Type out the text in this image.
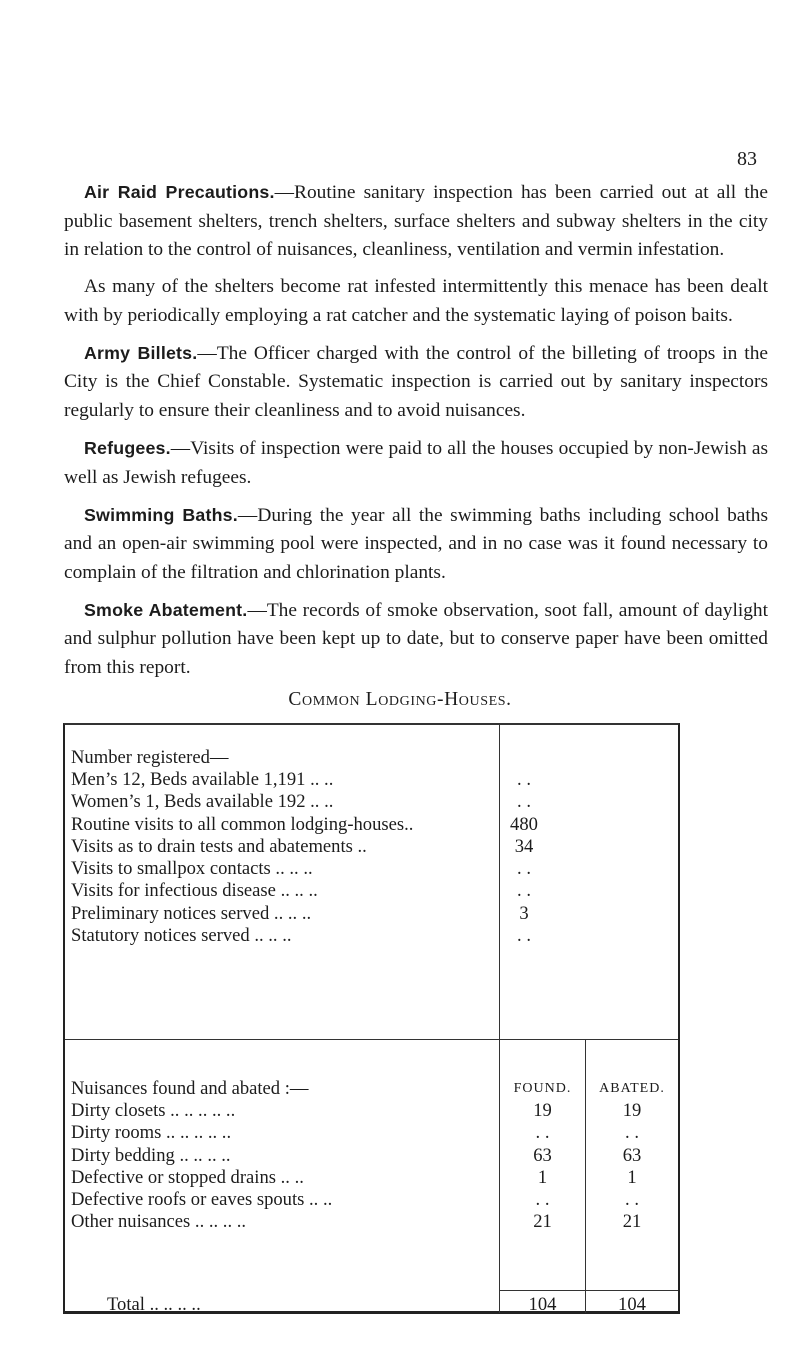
83

Air Raid Precautions.—Routine sanitary inspection has been carried out at all the public basement shelters, trench shelters, surface shelters and subway shelters in the city in relation to the control of nuisances, cleanliness, ventilation and vermin infestation.

As many of the shelters become rat infested intermittently this menace has been dealt with by periodically employing a rat catcher and the systematic laying of poison baits.

Army Billets.—The Officer charged with the control of the billeting of troops in the City is the Chief Constable. Systematic inspection is carried out by sanitary inspectors regularly to ensure their cleanliness and to avoid nuisances.

Refugees.—Visits of inspection were paid to all the houses occupied by non-Jewish as well as Jewish refugees.

Swimming Baths.—During the year all the swimming baths including school baths and an open-air swimming pool were inspected, and in no case was it found necessary to complain of the filtration and chlorination plants.

Smoke Abatement.—The records of smoke observation, soot fall, amount of daylight and sulphur pollution have been kept up to date, but to conserve paper have been omitted from this report.

Common Lodging-Houses.
Number registered—
Men’s 12, Beds available 1,191 .. ..	. .
Women’s 1, Beds available 192 .. ..	. .
Routine visits to all common lodging-houses..	480
Visits as to drain tests and abatements ..	34
Visits to smallpox contacts .. .. ..	. .
Visits for infectious disease .. .. ..	. .
Preliminary notices served .. .. ..	3
Statutory notices served .. .. ..	. .
Nuisances found and abated :—	FOUND.	ABATED.
Dirty closets .. .. .. .. ..	19	19
Dirty rooms .. .. .. .. ..	. .	. .
Dirty bedding .. .. .. ..	63	63
Defective or stopped drains .. ..	1	1
Defective roofs or eaves spouts .. ..	. .	. .
Other nuisances .. .. .. ..	21	21
Total .. .. .. ..	104	104
